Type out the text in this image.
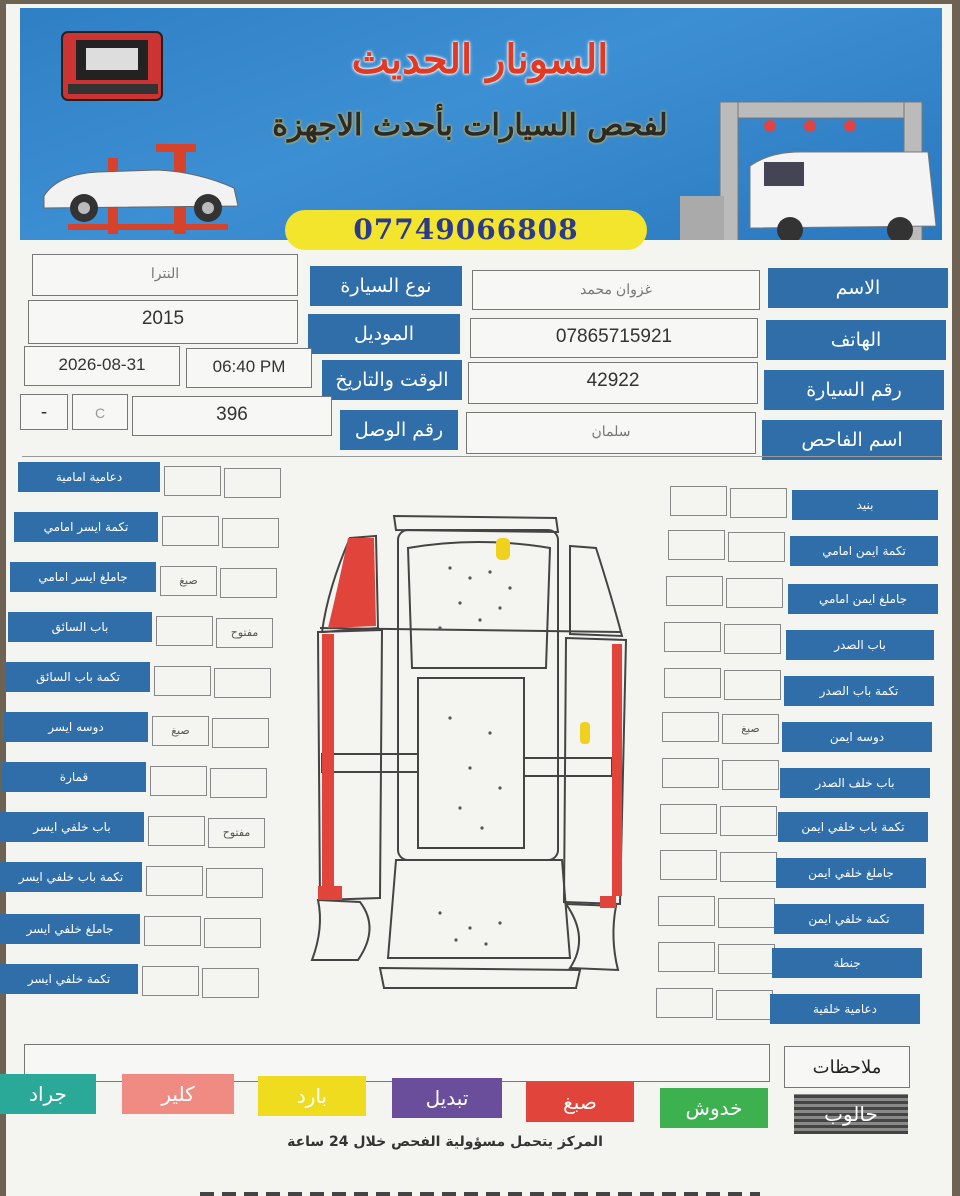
السونار الحديث
لفحص السيارات بأحدث الاجهزة
07749066808
الاسم
غزوان محمد
الهاتف
07865715921
رقم السيارة
42922
اسم الفاحص
سلمان
نوع السيارة
النترا
الموديل
2015
الوقت والتاريخ
2026-08-31	06:40 PM
رقم الوصل
-	C	396
دعامية امامية
تكمة ايسر امامي
جاملغ ايسر امامي	صبغ
باب السائق	مفتوح
تكمة باب السائق
دوسه ايسر	صبغ
قمارة
باب خلفي ايسر	مفتوح
تكمة باب خلفي ايسر
جاملغ خلفي ايسر
تكمة خلفي ايسر
بنيد
تكمة ايمن امامي
جاملغ ايمن امامي
باب الصدر
تكمة باب الصدر
صبغ
دوسه ايمن
باب خلف الصدر
تكمة باب خلفي ايمن
جاملغ خلفي ايمن
تكمة خلفي ايمن
جنطة
دعامية خلفية
ملاحظات
جراد	كلير	بارد	تبديل	صبغ	خدوش	حالوب
المركز يتحمل مسؤولية الفحص خلال 24 ساعة
